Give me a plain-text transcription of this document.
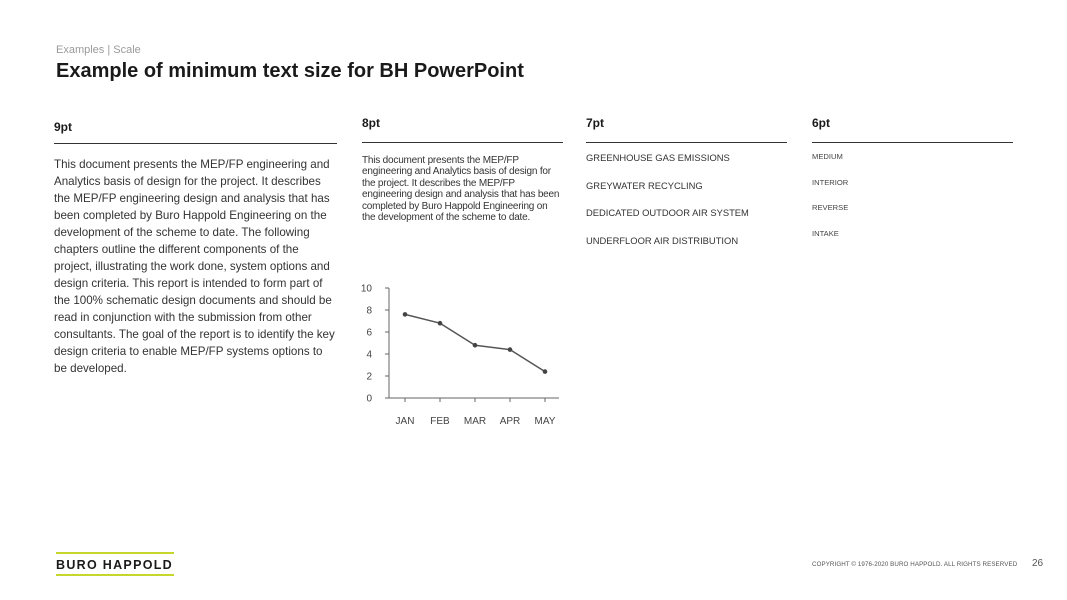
Examples | Scale
Example of minimum text size for BH PowerPoint
9pt
This document presents the MEP/FP engineering and Analytics basis of design for the project. It describes the MEP/FP engineering design and analysis that has been completed by Buro Happold Engineering on the development of the scheme to date. The following chapters outline the different components of the project, illustrating the work done, system options and design criteria. This report is intended to form part of the 100% schematic design documents and should be read in conjunction with the submission from other consultants. The goal of the report is to identify the key design criteria to enable MEP/FP systems options to be developed.
8pt
This document presents the MEP/FP engineering and Analytics basis of design for the project. It describes the MEP/FP engineering design and analysis that has been completed by Buro Happold Engineering on the development of the scheme to date.
7pt
GREENHOUSE GAS EMISSIONS
GREYWATER RECYCLING
DEDICATED OUTDOOR AIR SYSTEM
UNDERFLOOR AIR DISTRIBUTION
6pt
MEDIUM
INTERIOR
REVERSE
INTAKE
0
2
4
6
8
10
JAN FEB MAR APR MAY
BURO HAPPOLD	COPYRIGHT © 1976-2020 BURO HAPPOLD. ALL RIGHTS RESERVED 26
